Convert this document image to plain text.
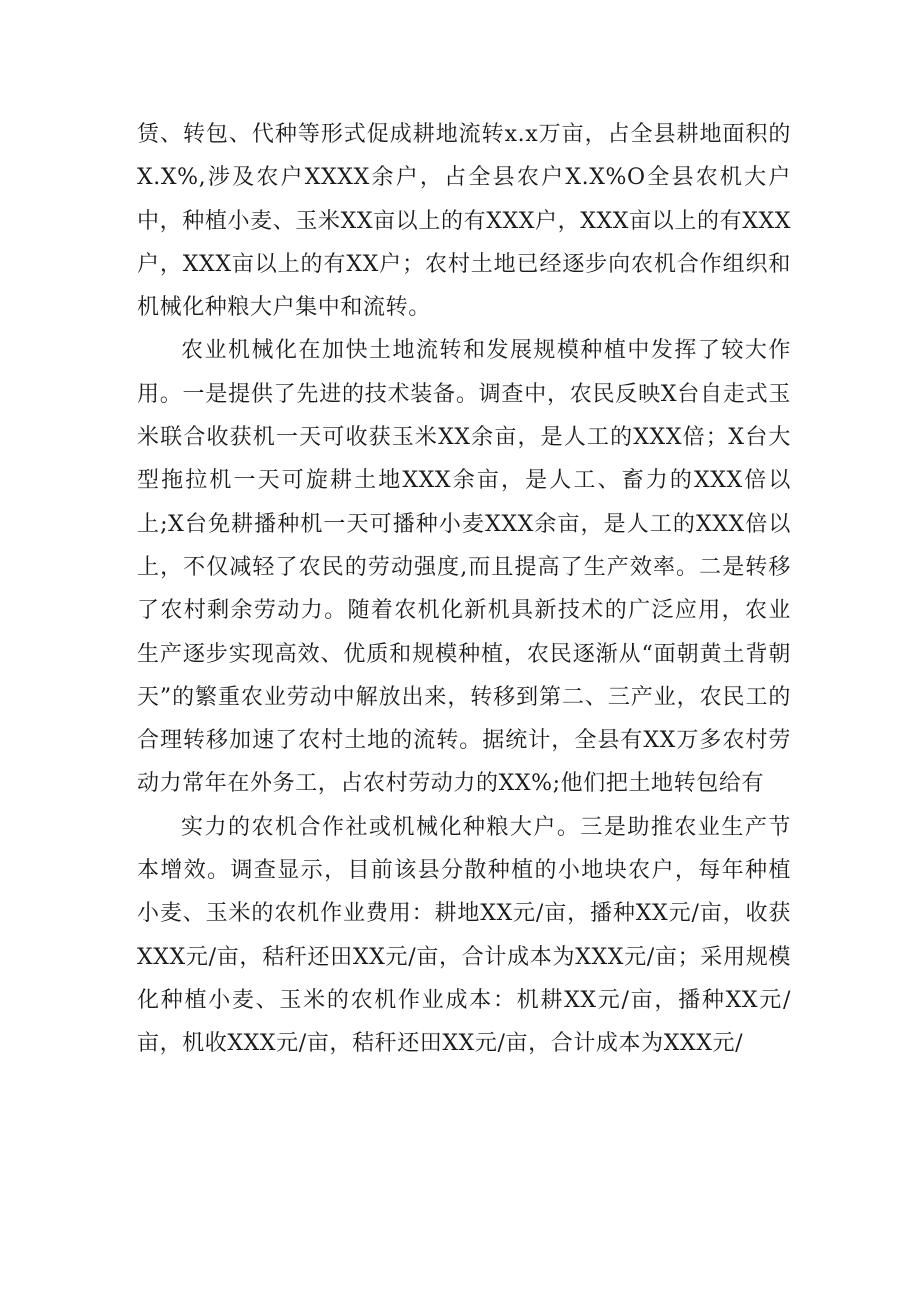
赁、转包、代种等形式促成耕地流转x.x万亩，占全县耕地面积的X.X%,涉及农户XXXX余户，占全县农户X.X%O全县农机大户中，种植小麦、玉米XX亩以上的有XXX户，XXX亩以上的有XXX户，XXX亩以上的有XX户；农村土地已经逐步向农机合作组织和机械化种粮大户集中和流转。

农业机械化在加快土地流转和发展规模种植中发挥了较大作用。一是提供了先进的技术装备。调查中，农民反映X台自走式玉米联合收获机一天可收获玉米XX余亩，是人工的XXX倍；X台大型拖拉机一天可旋耕土地XXX余亩，是人工、畜力的XXX倍以上;X台免耕播种机一天可播种小麦XXX余亩，是人工的XXX倍以上，不仅减轻了农民的劳动强度,而且提高了生产效率。二是转移了农村剩余劳动力。随着农机化新机具新技术的广泛应用，农业生产逐步实现高效、优质和规模种植，农民逐渐从“面朝黄土背朝天”的繁重农业劳动中解放出来，转移到第二、三产业，农民工的合理转移加速了农村土地的流转。据统计，全县有XX万多农村劳动力常年在外务工，占农村劳动力的XX%;他们把土地转包给有

实力的农机合作社或机械化种粮大户。三是助推农业生产节本增效。调查显示，目前该县分散种植的小地块农户，每年种植小麦、玉米的农机作业费用：耕地XX元/亩，播种XX元/亩，收获XXX元/亩，秸秆还田XX元/亩，合计成本为XXX元/亩；采用规模化种植小麦、玉米的农机作业成本：机耕XX元/亩，播种XX元/亩，机收XXX元/亩，秸秆还田XX元/亩，合计成本为XXX元/
